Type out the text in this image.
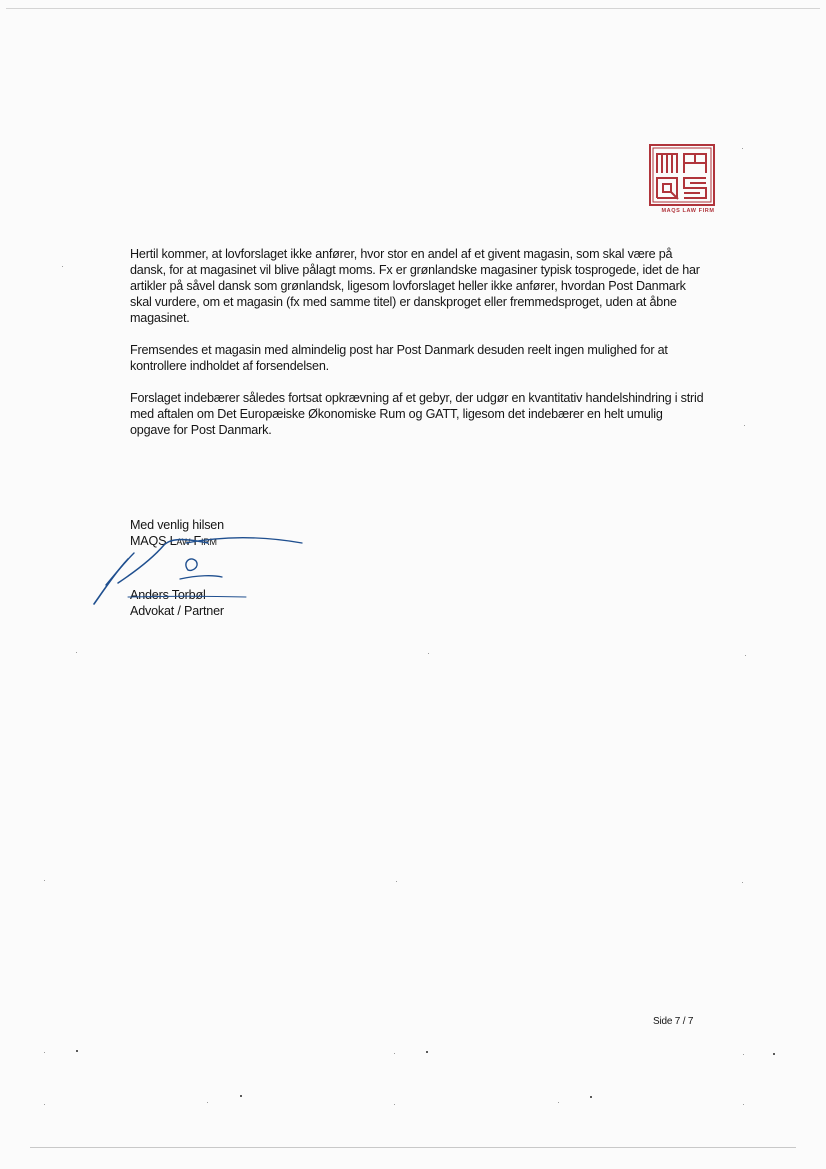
MAQS LAW FIRM

Hertil kommer, at lovforslaget ikke anfører, hvor stor en andel af et givent magasin, som skal være på dansk, for at magasinet vil blive pålagt moms. Fx er grønlandske magasiner typisk tosprogede, idet de har artikler på såvel dansk som grønlandsk, ligesom lovforslaget heller ikke anfører, hvordan Post Danmark skal vurdere, om et magasin (fx med samme titel) er danskproget eller fremmedsproget, uden at åbne magasinet.

Fremsendes et magasin med almindelig post har Post Danmark desuden reelt ingen mulighed for at kontrollere indholdet af forsendelsen.

Forslaget indebærer således fortsat opkrævning af et gebyr, der udgør en kvantitativ handelshindring i strid med aftalen om Det Europæiske Økonomiske Rum og GATT, ligesom det indebærer en helt umulig opgave for Post Danmark.

Med venlig hilsen
MAQS Law Firm
Anders Torbøl
Advokat / Partner
Side 7 / 7
